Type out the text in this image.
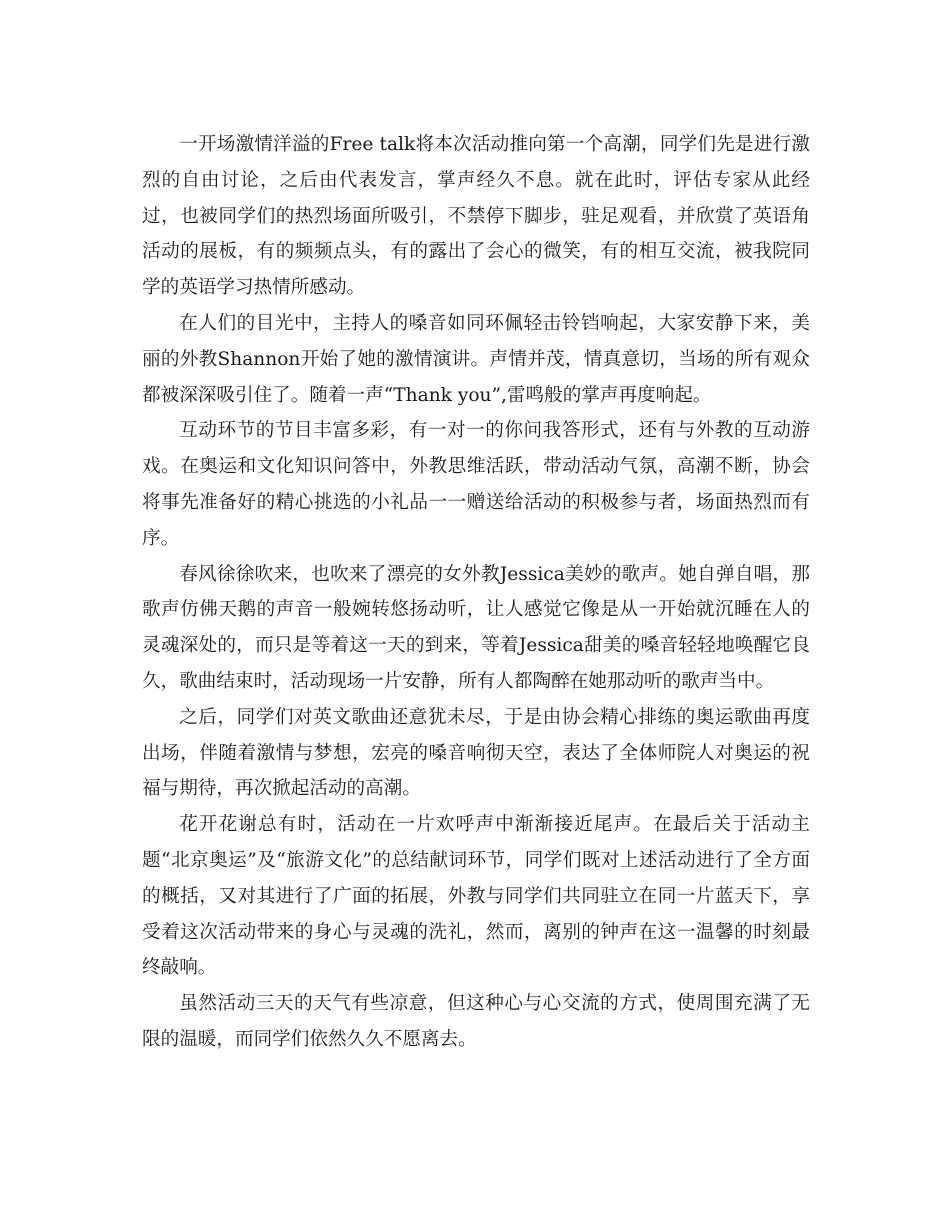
一开场激情洋溢的Free talk将本次活动推向第一个高潮，同学们先是进行激烈的自由讨论，之后由代表发言，掌声经久不息。就在此时，评估专家从此经过，也被同学们的热烈场面所吸引，不禁停下脚步，驻足观看，并欣赏了英语角活动的展板，有的频频点头，有的露出了会心的微笑，有的相互交流，被我院同学的英语学习热情所感动。

在人们的目光中，主持人的嗓音如同环佩轻击铃铛响起，大家安静下来，美丽的外教Shannon开始了她的激情演讲。声情并茂，情真意切，当场的所有观众都被深深吸引住了。随着一声“Thank you”,雷鸣般的掌声再度响起。

互动环节的节目丰富多彩，有一对一的你问我答形式，还有与外教的互动游戏。在奥运和文化知识问答中，外教思维活跃，带动活动气氛，高潮不断，协会将事先准备好的精心挑选的小礼品一一赠送给活动的积极参与者，场面热烈而有序。

春风徐徐吹来，也吹来了漂亮的女外教Jessica美妙的歌声。她自弹自唱，那歌声仿佛天鹅的声音一般婉转悠扬动听，让人感觉它像是从一开始就沉睡在人的灵魂深处的，而只是等着这一天的到来，等着Jessica甜美的嗓音轻轻地唤醒它良久，歌曲结束时，活动现场一片安静，所有人都陶醉在她那动听的歌声当中。

之后，同学们对英文歌曲还意犹未尽，于是由协会精心排练的奥运歌曲再度出场，伴随着激情与梦想，宏亮的嗓音响彻天空，表达了全体师院人对奥运的祝福与期待，再次掀起活动的高潮。

花开花谢总有时，活动在一片欢呼声中渐渐接近尾声。在最后关于活动主题“北京奥运”及“旅游文化”的总结献词环节，同学们既对上述活动进行了全方面的概括，又对其进行了广面的拓展，外教与同学们共同驻立在同一片蓝天下，享受着这次活动带来的身心与灵魂的洗礼，然而，离别的钟声在这一温馨的时刻最终敲响。

虽然活动三天的天气有些凉意，但这种心与心交流的方式，使周围充满了无限的温暖，而同学们依然久久不愿离去。
